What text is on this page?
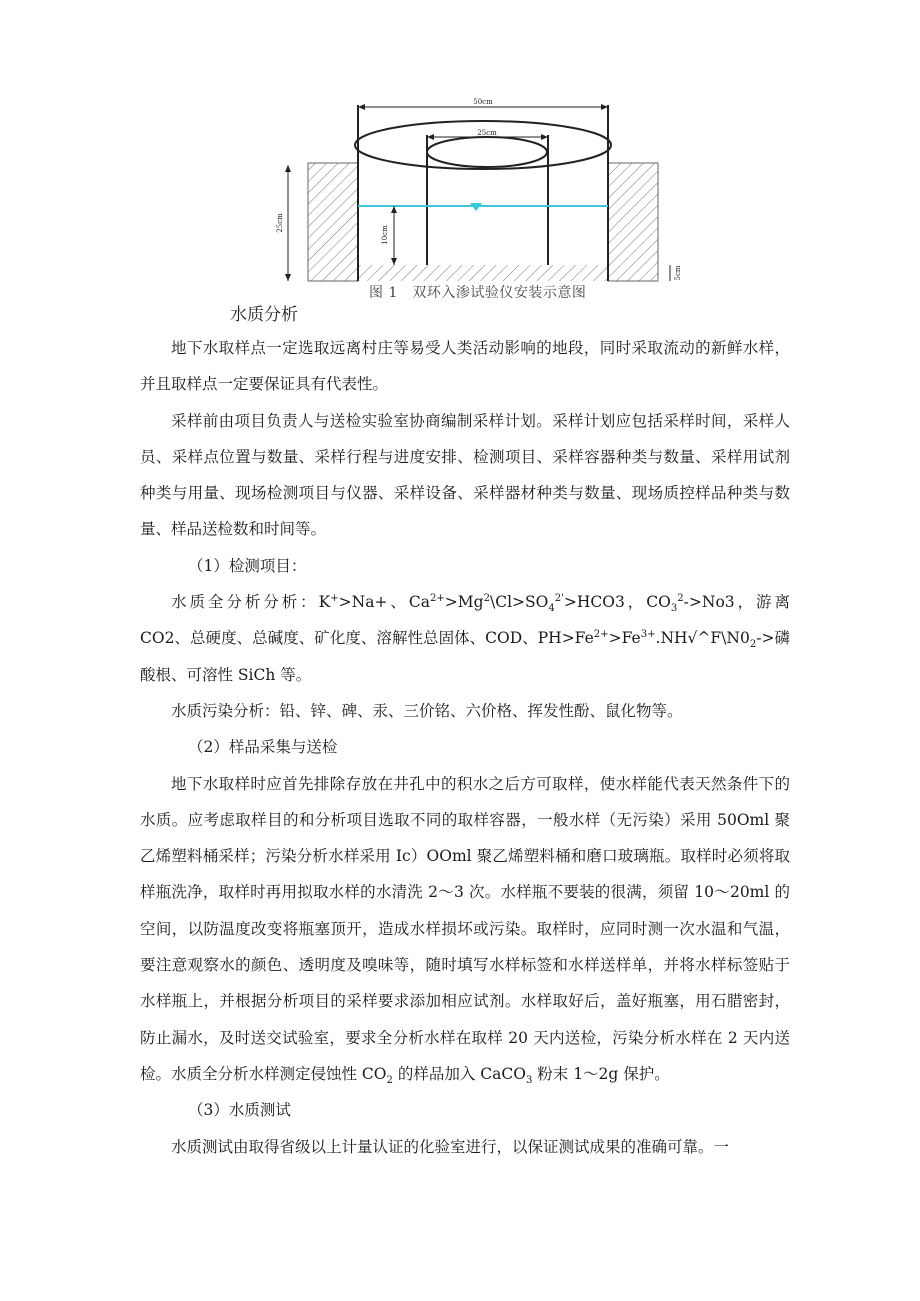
50cm
25cm
25cm
10cm
5cm
图 1　双环入渗试验仪安装示意图
水质分析

地下水取样点一定选取远离村庄等易受人类活动影响的地段，同时采取流动的新鲜水样，并且取样点一定要保证具有代表性。

采样前由项目负责人与送检实验室协商编制采样计划。采样计划应包括采样时间，采样人员、采样点位置与数量、采样行程与进度安排、检测项目、采样容器种类与数量、采样用试剂种类与用量、现场检测项目与仪器、采样设备、采样器材种类与数量、现场质控样品种类与数量、样品送检数和时间等。

（1）检测项目：

水质全分析分析：K+>Na+、$Ca^{2+}>Mg^2\backslash Cl>SO_4^{2'}>HCO3$，$CO_3^2->No3$，游离 CO2、总硬度、总碱度、矿化度、溶解性总固体、COD、$PH>Fe^{2+}>Fe^{3+}.NH√\^{}F\backslash N0_2->$磷酸根、可溶性 SiCh 等。

水质污染分析：铅、锌、碑、汞、三价铭、六价格、挥发性酚、鼠化物等。

（2）样品采集与送检

地下水取样时应首先排除存放在井孔中的积水之后方可取样，使水样能代表天然条件下的水质。应考虑取样目的和分析项目选取不同的取样容器，一般水样（无污染）采用 50Oml 聚乙烯塑料桶采样；污染分析水样采用 Ic）OOml 聚乙烯塑料桶和磨口玻璃瓶。取样时必须将取样瓶洗净，取样时再用拟取水样的水清洗 2～3 次。水样瓶不要装的很满，须留 10～20ml 的空间，以防温度改变将瓶塞顶开，造成水样损坏或污染。取样时，应同时测一次水温和气温，要注意观察水的颜色、透明度及嗅味等，随时填写水样标签和水样送样单，并将水样标签贴于水样瓶上，并根据分析项目的采样要求添加相应试剂。水样取好后，盖好瓶塞，用石腊密封，防止漏水，及时送交试验室，要求全分析水样在取样 20 天内送检，污染分析水样在 2 天内送检。水质全分析水样测定侵蚀性 $CO_2$ 的样品加入 CaCO$_3$ 粉末 1～2g 保护。

（3）水质测试

水质测试由取得省级以上计量认证的化验室进行，以保证测试成果的准确可靠。一
